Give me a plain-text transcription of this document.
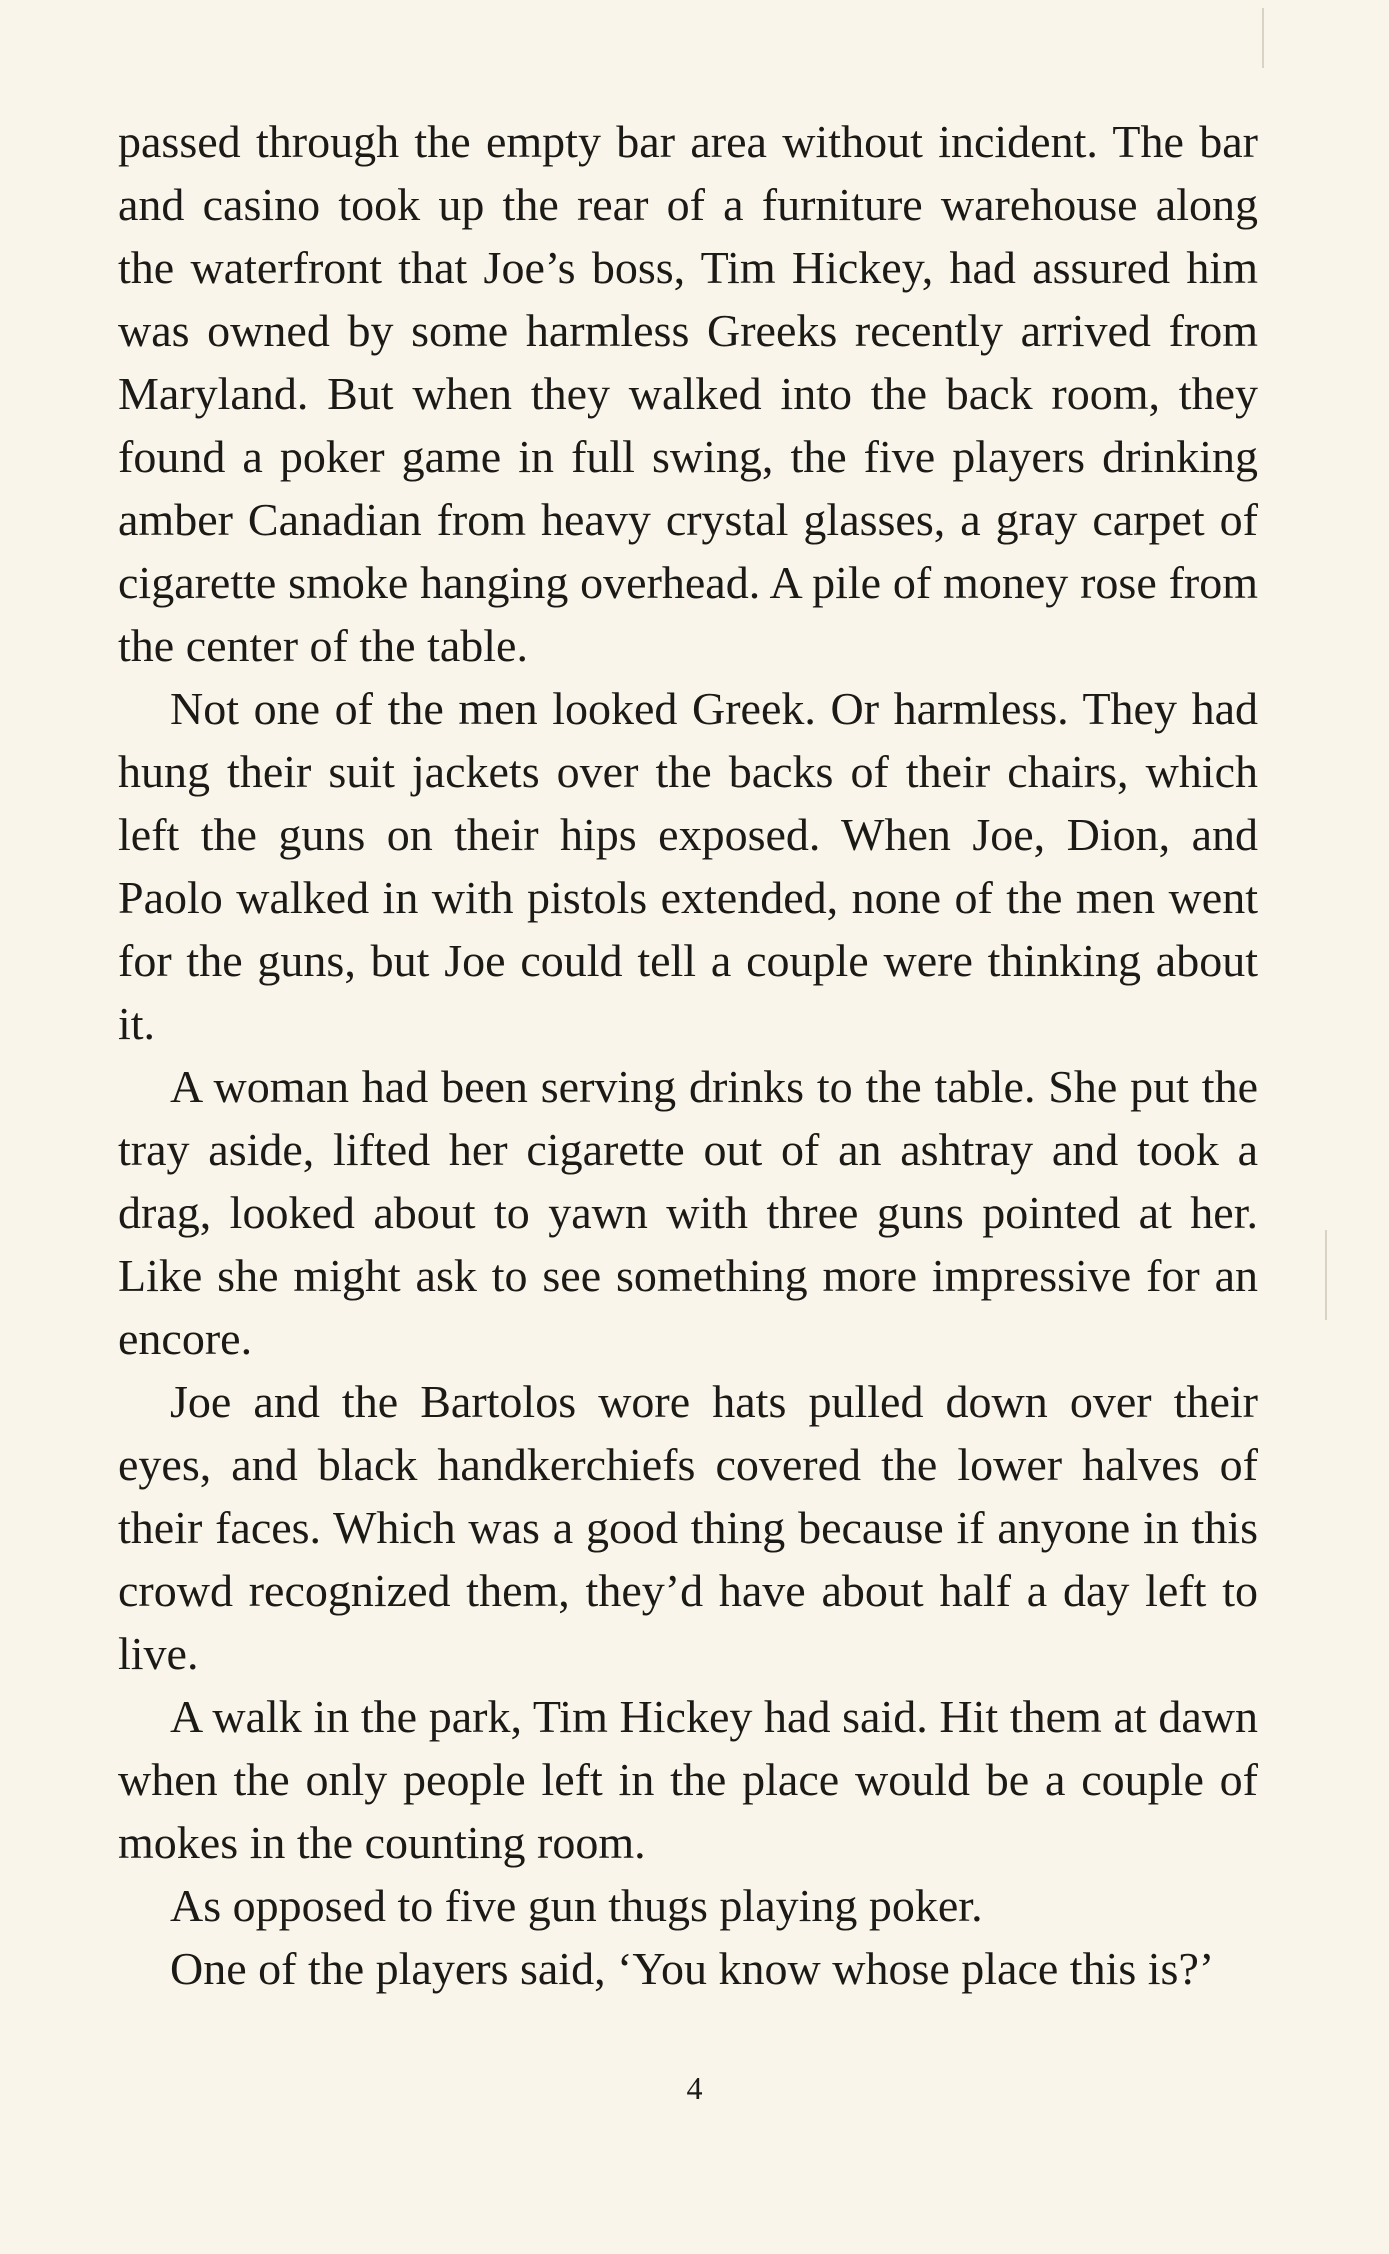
passed through the empty bar area without incident. The bar and casino took up the rear of a furniture warehouse along the waterfront that Joe’s boss, Tim Hickey, had assured him was owned by some harmless Greeks recently arrived from Maryland. But when they walked into the back room, they found a poker game in full swing, the five players drinking amber Canadian from heavy crystal glasses, a gray carpet of cigarette smoke hanging overhead. A pile of money rose from the center of the table.

Not one of the men looked Greek. Or harmless. They had hung their suit jackets over the backs of their chairs, which left the guns on their hips exposed. When Joe, Dion, and Paolo walked in with pistols extended, none of the men went for the guns, but Joe could tell a couple were thinking about it.

A woman had been serving drinks to the table. She put the tray aside, lifted her cigarette out of an ashtray and took a drag, looked about to yawn with three guns pointed at her. Like she might ask to see something more impressive for an encore.

Joe and the Bartolos wore hats pulled down over their eyes, and black handkerchiefs covered the lower halves of their faces. Which was a good thing because if anyone in this crowd recognized them, they’d have about half a day left to live.

A walk in the park, Tim Hickey had said. Hit them at dawn when the only people left in the place would be a couple of mokes in the counting room.

As opposed to five gun thugs playing poker.

One of the players said, ‘You know whose place this is?’

4
